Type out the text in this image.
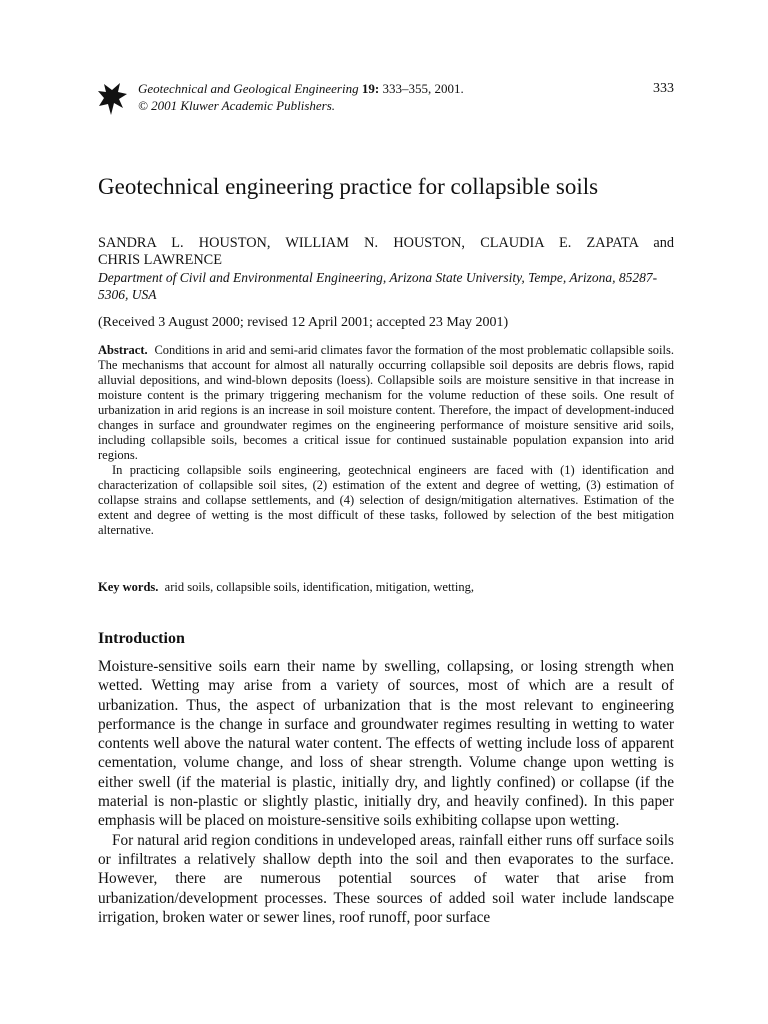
Geotechnical and Geological Engineering 19: 333–355, 2001.
© 2001 Kluwer Academic Publishers.
333
Geotechnical engineering practice for collapsible soils
SANDRA L. HOUSTON, WILLIAM N. HOUSTON, CLAUDIA E. ZAPATA and
CHRIS LAWRENCE
Department of Civil and Environmental Engineering, Arizona State University, Tempe, Arizona, 85287-5306, USA
(Received 3 August 2000; revised 12 April 2001; accepted 23 May 2001)

Abstract. Conditions in arid and semi-arid climates favor the formation of the most problematic collapsible soils. The mechanisms that account for almost all naturally occurring collapsible soil deposits are debris flows, rapid alluvial depositions, and wind-blown deposits (loess). Collapsible soils are moisture sensitive in that increase in moisture content is the primary triggering mechanism for the volume reduction of these soils. One result of urbanization in arid regions is an increase in soil moisture content. Therefore, the impact of development-induced changes in surface and groundwater regimes on the engineering performance of moisture sensitive arid soils, including collapsible soils, becomes a critical issue for continued sustainable population expansion into arid regions.

In practicing collapsible soils engineering, geotechnical engineers are faced with (1) identification and characterization of collapsible soil sites, (2) estimation of the extent and degree of wetting, (3) estimation of collapse strains and collapse settlements, and (4) selection of design/mitigation alternatives. Estimation of the extent and degree of wetting is the most difficult of these tasks, followed by selection of the best mitigation alternative.

Key words. arid soils, collapsible soils, identification, mitigation, wetting,
Introduction

Moisture-sensitive soils earn their name by swelling, collapsing, or losing strength when wetted. Wetting may arise from a variety of sources, most of which are a result of urbanization. Thus, the aspect of urbanization that is the most relevant to engineering performance is the change in surface and groundwater regimes resulting in wetting to water contents well above the natural water content. The effects of wetting include loss of apparent cementation, volume change, and loss of shear strength. Volume change upon wetting is either swell (if the material is plastic, initially dry, and lightly confined) or collapse (if the material is non-plastic or slightly plastic, initially dry, and heavily confined). In this paper emphasis will be placed on moisture-sensitive soils exhibiting collapse upon wetting.

For natural arid region conditions in undeveloped areas, rainfall either runs off surface soils or infiltrates a relatively shallow depth into the soil and then evaporates to the surface. However, there are numerous potential sources of water that arise from urbanization/development processes. These sources of added soil water include landscape irrigation, broken water or sewer lines, roof runoff, poor surface
